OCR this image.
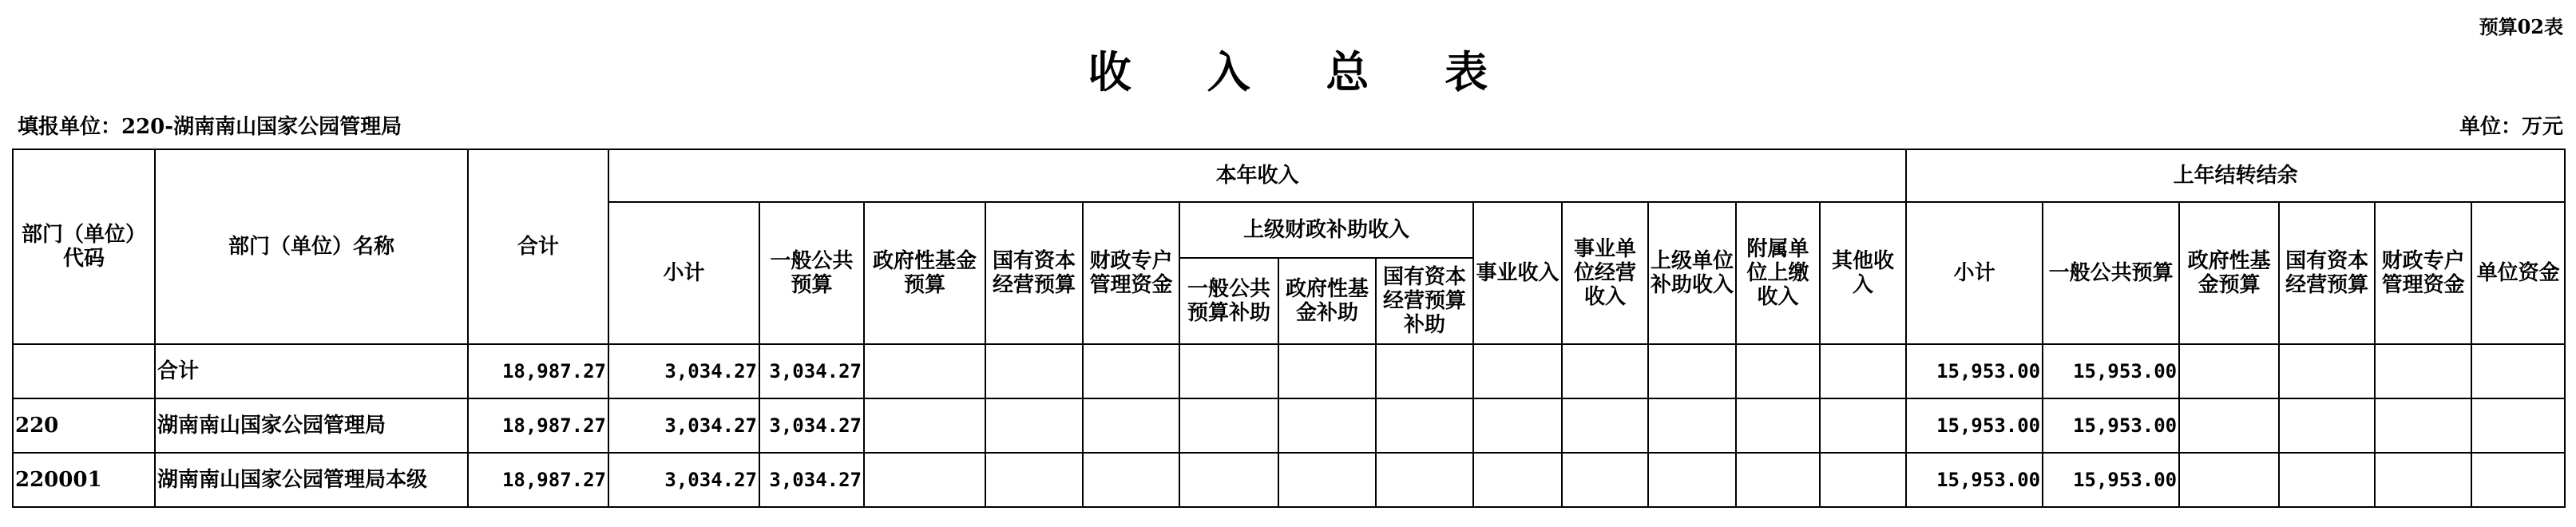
预算02表
收 入 总 表
填报单位：220-湖南南山国家公园管理局	单位：万元
部门（单位）代码	部门（单位）名称	合计	本年收入													上年结转结余					
			小计	一般公共预算	政府性基金预算	国有资本经营预算	财政专户管理资金	上级财政补助收入			事业收入	事业单位经营收入	上级单位补助收入	附属单位上缴收入	其他收入	小计	一般公共预算	政府性基金预算	国有资本经营预算	财政专户管理资金	单位资金
								一般公共预算补助	政府性基金补助	国有资本经营预算补助											
	合计	18,987.27	3,034.27	3,034.27												15,953.00	15,953.00				
220	湖南南山国家公园管理局	18,987.27	3,034.27	3,034.27												15,953.00	15,953.00				
220001	湖南南山国家公园管理局本级	18,987.27	3,034.27	3,034.27												15,953.00	15,953.00				
